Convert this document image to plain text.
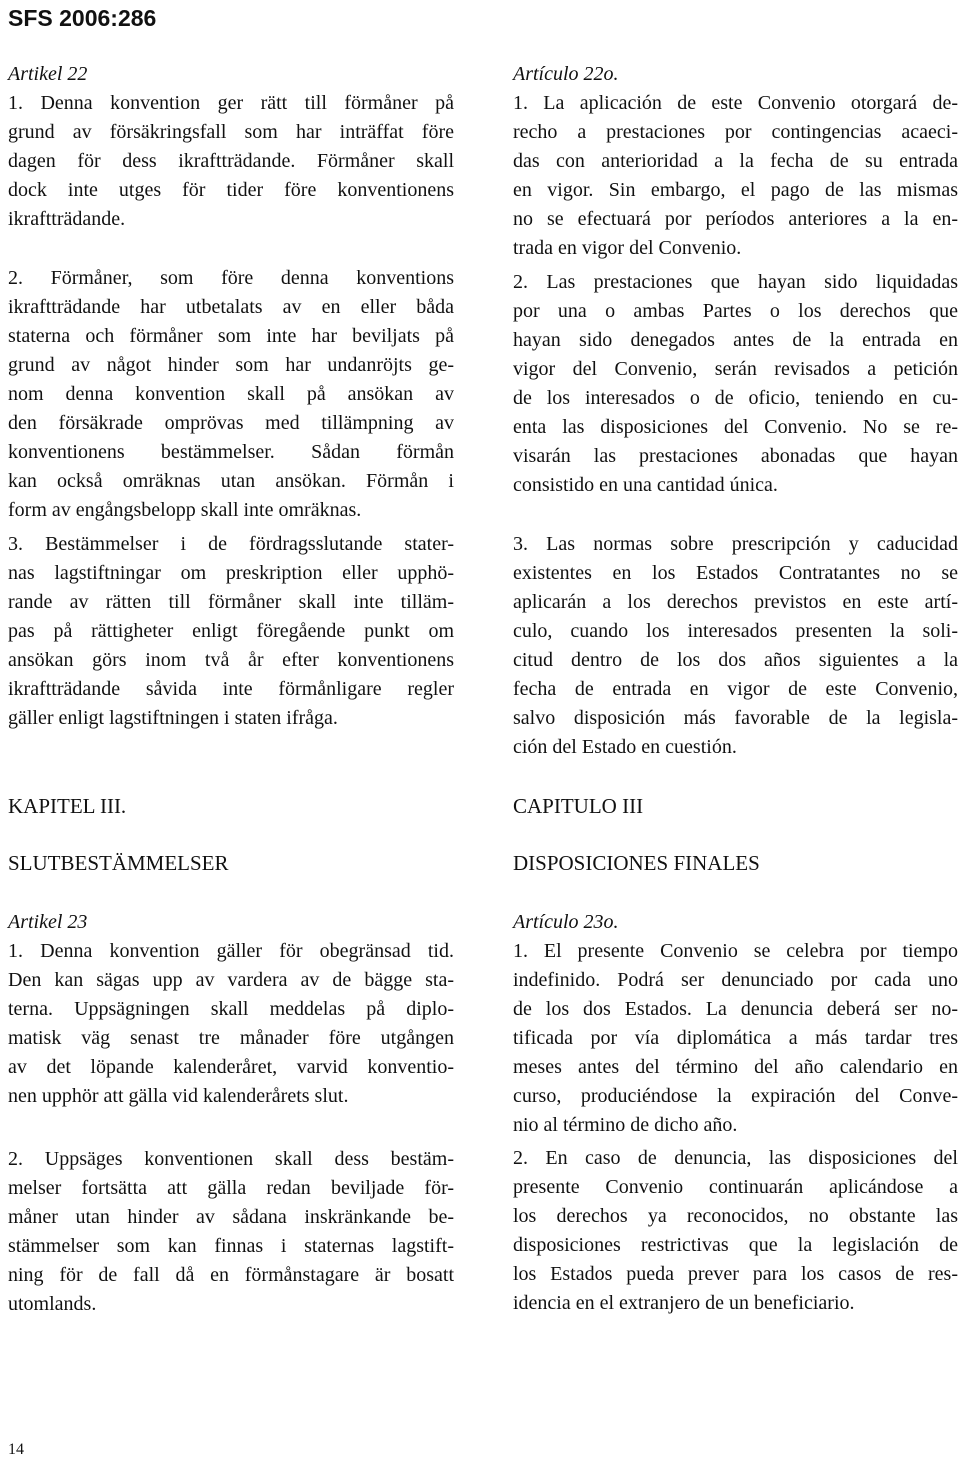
SFS 2006:286

Artikel 22

1. Denna konvention ger rätt till förmåner på
grund av försäkringsfall som har inträffat före
dagen för dess ikraftträdande. Förmåner skall
dock inte utges för tider före konventionens
ikraftträdande.
2. Förmåner, som före denna konventions
ikraftträdande har utbetalats av en eller båda
staterna och förmåner som inte har beviljats på
grund av något hinder som har undanröjts ge-
nom denna konvention skall på ansökan av
den försäkrade omprövas med tillämpning av
konventionens bestämmelser. Sådan förmån
kan också omräknas utan ansökan. Förmån i
form av engångsbelopp skall inte omräknas.
3. Bestämmelser i de fördragsslutande stater-
nas lagstiftningar om preskription eller upphö-
rande av rätten till förmåner skall inte tilläm-
pas på rättigheter enligt föregående punkt om
ansökan görs inom två år efter konventionens
ikraftträdande såvida inte förmånligare regler
gäller enligt lagstiftningen i staten ifråga.

KAPITEL III.

SLUTBESTÄMMELSER

Artikel 23

1. Denna konvention gäller för obegränsad tid.
Den kan sägas upp av vardera av de bägge sta-
terna. Uppsägningen skall meddelas på diplo-
matisk väg senast tre månader före utgången
av det löpande kalenderåret, varvid konventio-
nen upphör att gälla vid kalenderårets slut.
2. Uppsäges konventionen skall dess bestäm-
melser fortsätta att gälla redan beviljade för-
måner utan hinder av sådana inskränkande be-
stämmelser som kan finnas i staternas lagstift-
ning för de fall då en förmånstagare är bosatt
utomlands.

Artículo 22o.

1. La aplicación de este Convenio otorgará de-
recho a prestaciones por contingencias acaeci-
das con anterioridad a la fecha de su entrada
en vigor. Sin embargo, el pago de las mismas
no se efectuará por períodos anteriores a la en-
trada en vigor del Convenio.
2. Las prestaciones que hayan sido liquidadas
por una o ambas Partes o los derechos que
hayan sido denegados antes de la entrada en
vigor del Convenio, serán revisados a petición
de los interesados o de oficio, teniendo en cu-
enta las disposiciones del Convenio. No se re-
visarán las prestaciones abonadas que hayan
consistido en una cantidad única.
3. Las normas sobre prescripción y caducidad
existentes en los Estados Contratantes no se
aplicarán a los derechos previstos en este artí-
culo, cuando los interesados presenten la soli-
citud dentro de los dos años siguientes a la
fecha de entrada en vigor de este Convenio,
salvo disposición más favorable de la legisla-
ción del Estado en cuestión.

CAPITULO III

DISPOSICIONES FINALES

Artículo 23o.

1. El presente Convenio se celebra por tiempo
indefinido. Podrá ser denunciado por cada uno
de los dos Estados. La denuncia deberá ser no-
tificada por vía diplomática a más tardar tres
meses antes del término del año calendario en
curso, produciéndose la expiración del Conve-
nio al término de dicho año.
2. En caso de denuncia, las disposiciones del
presente Convenio continuarán aplicándose a
los derechos ya reconocidos, no obstante las
disposiciones restrictivas que la legislación de
los Estados pueda prever para los casos de res-
idencia en el extranjero de un beneficiario.

14
